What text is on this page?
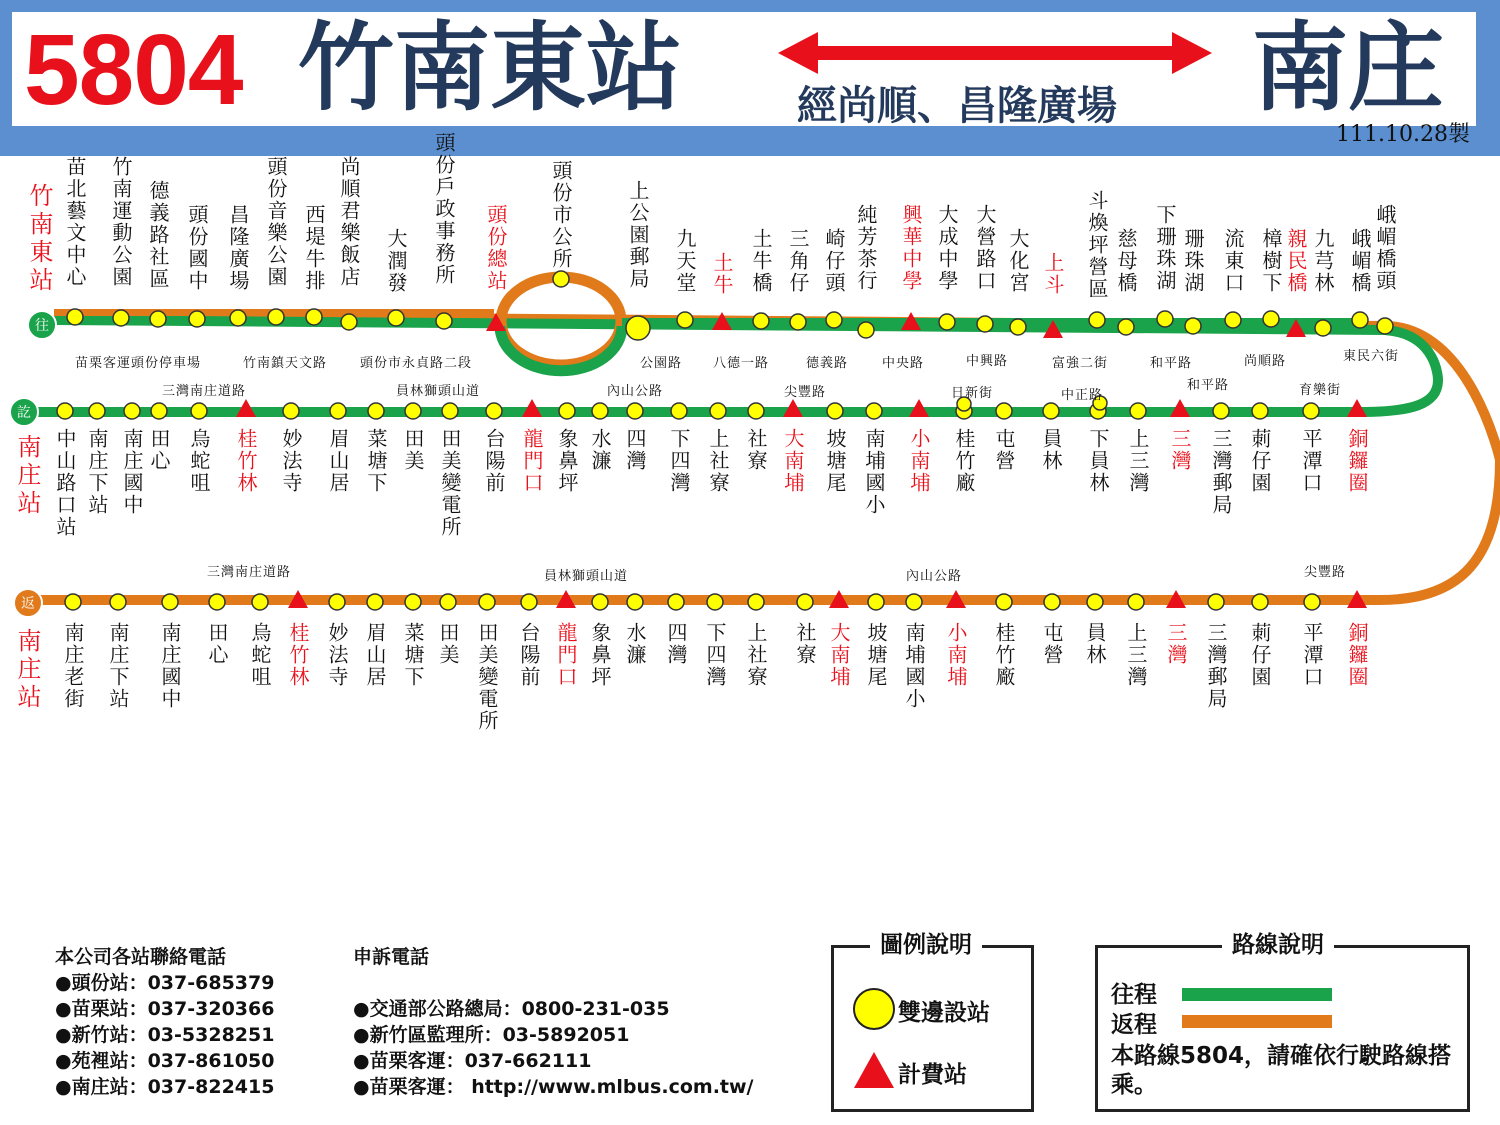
5804 竹南東站	經尚順、昌隆廣場 南庄
111.10.28製
往
訖
返
竹南東站
南庄站
南庄站
苗北藝文中心 竹南運動公園 德義路社區 頭份國中 昌隆廣場 頭份音樂公園 西堤牛排 尚順君樂飯店 大潤發 頭份戶政事務所 頭份總站 頭份市公所	上公園郵局 九天堂 土牛 土牛橋 三角仔 崎仔頭 純芳茶行 興華中學 大成中學 大營路口 大化宮 上斗 斗煥坪營區 慈母橋 下珊珠湖 珊珠湖 流東口 樟樹下 親民橋 九芎林 峨嵋橋 峨嵋橋頭
苗栗客運頭份停車場	竹南鎮天文路	頭份市永貞路二段	公園路 八德一路	德義路	中央路	中興路	富強二街	和平路	尚順路	東民六街
中山路口站 南庄下站 南庄國中 田心 烏蛇咀 桂竹林 妙法寺 眉山居 菜塘下 田美 田美變電所 台陽前 龍門口 象鼻坪 水濂 四灣 下四灣 上社寮 社寮 大南埔 坡塘尾 南埔國小 小南埔 桂竹廠 屯營 員林 下員林 上三灣 三灣 三灣郵局 莿仔園 平潭口 銅鑼圈
三灣南庄道路	員林獅頭山道	內山公路	尖豐路	日新街	中正路
和平路	育樂街
南庄老街 南庄下站 南庄國中 田心 烏蛇咀 桂竹林 妙法寺 眉山居 菜塘下 田美 田美變電所 台陽前 龍門口 象鼻坪 水濂 四灣 下四灣 上社寮 社寮 大南埔 坡塘尾 南埔國小 小南埔 桂竹廠 屯營 員林 上三灣 三灣 三灣郵局 莿仔園 平潭口 銅鑼圈
三灣南庄道路	員林獅頭山道	內山公路	尖豐路
本公司各站聯絡電話
●頭份站：037-685379
●苗栗站：037-320366
●新竹站：03-5328251
●苑裡站：037-861050
●南庄站：037-822415
申訴電話
●交通部公路總局：0800-231-035
●新竹區監理所：03-5892051
●苗栗客運：037-662111
●苗栗客運： http://www.mlbus.com.tw/
圖例說明
雙邊設站
計費站
路線說明
往程
返程
本路線5804，請確依行駛路線搭乘。
